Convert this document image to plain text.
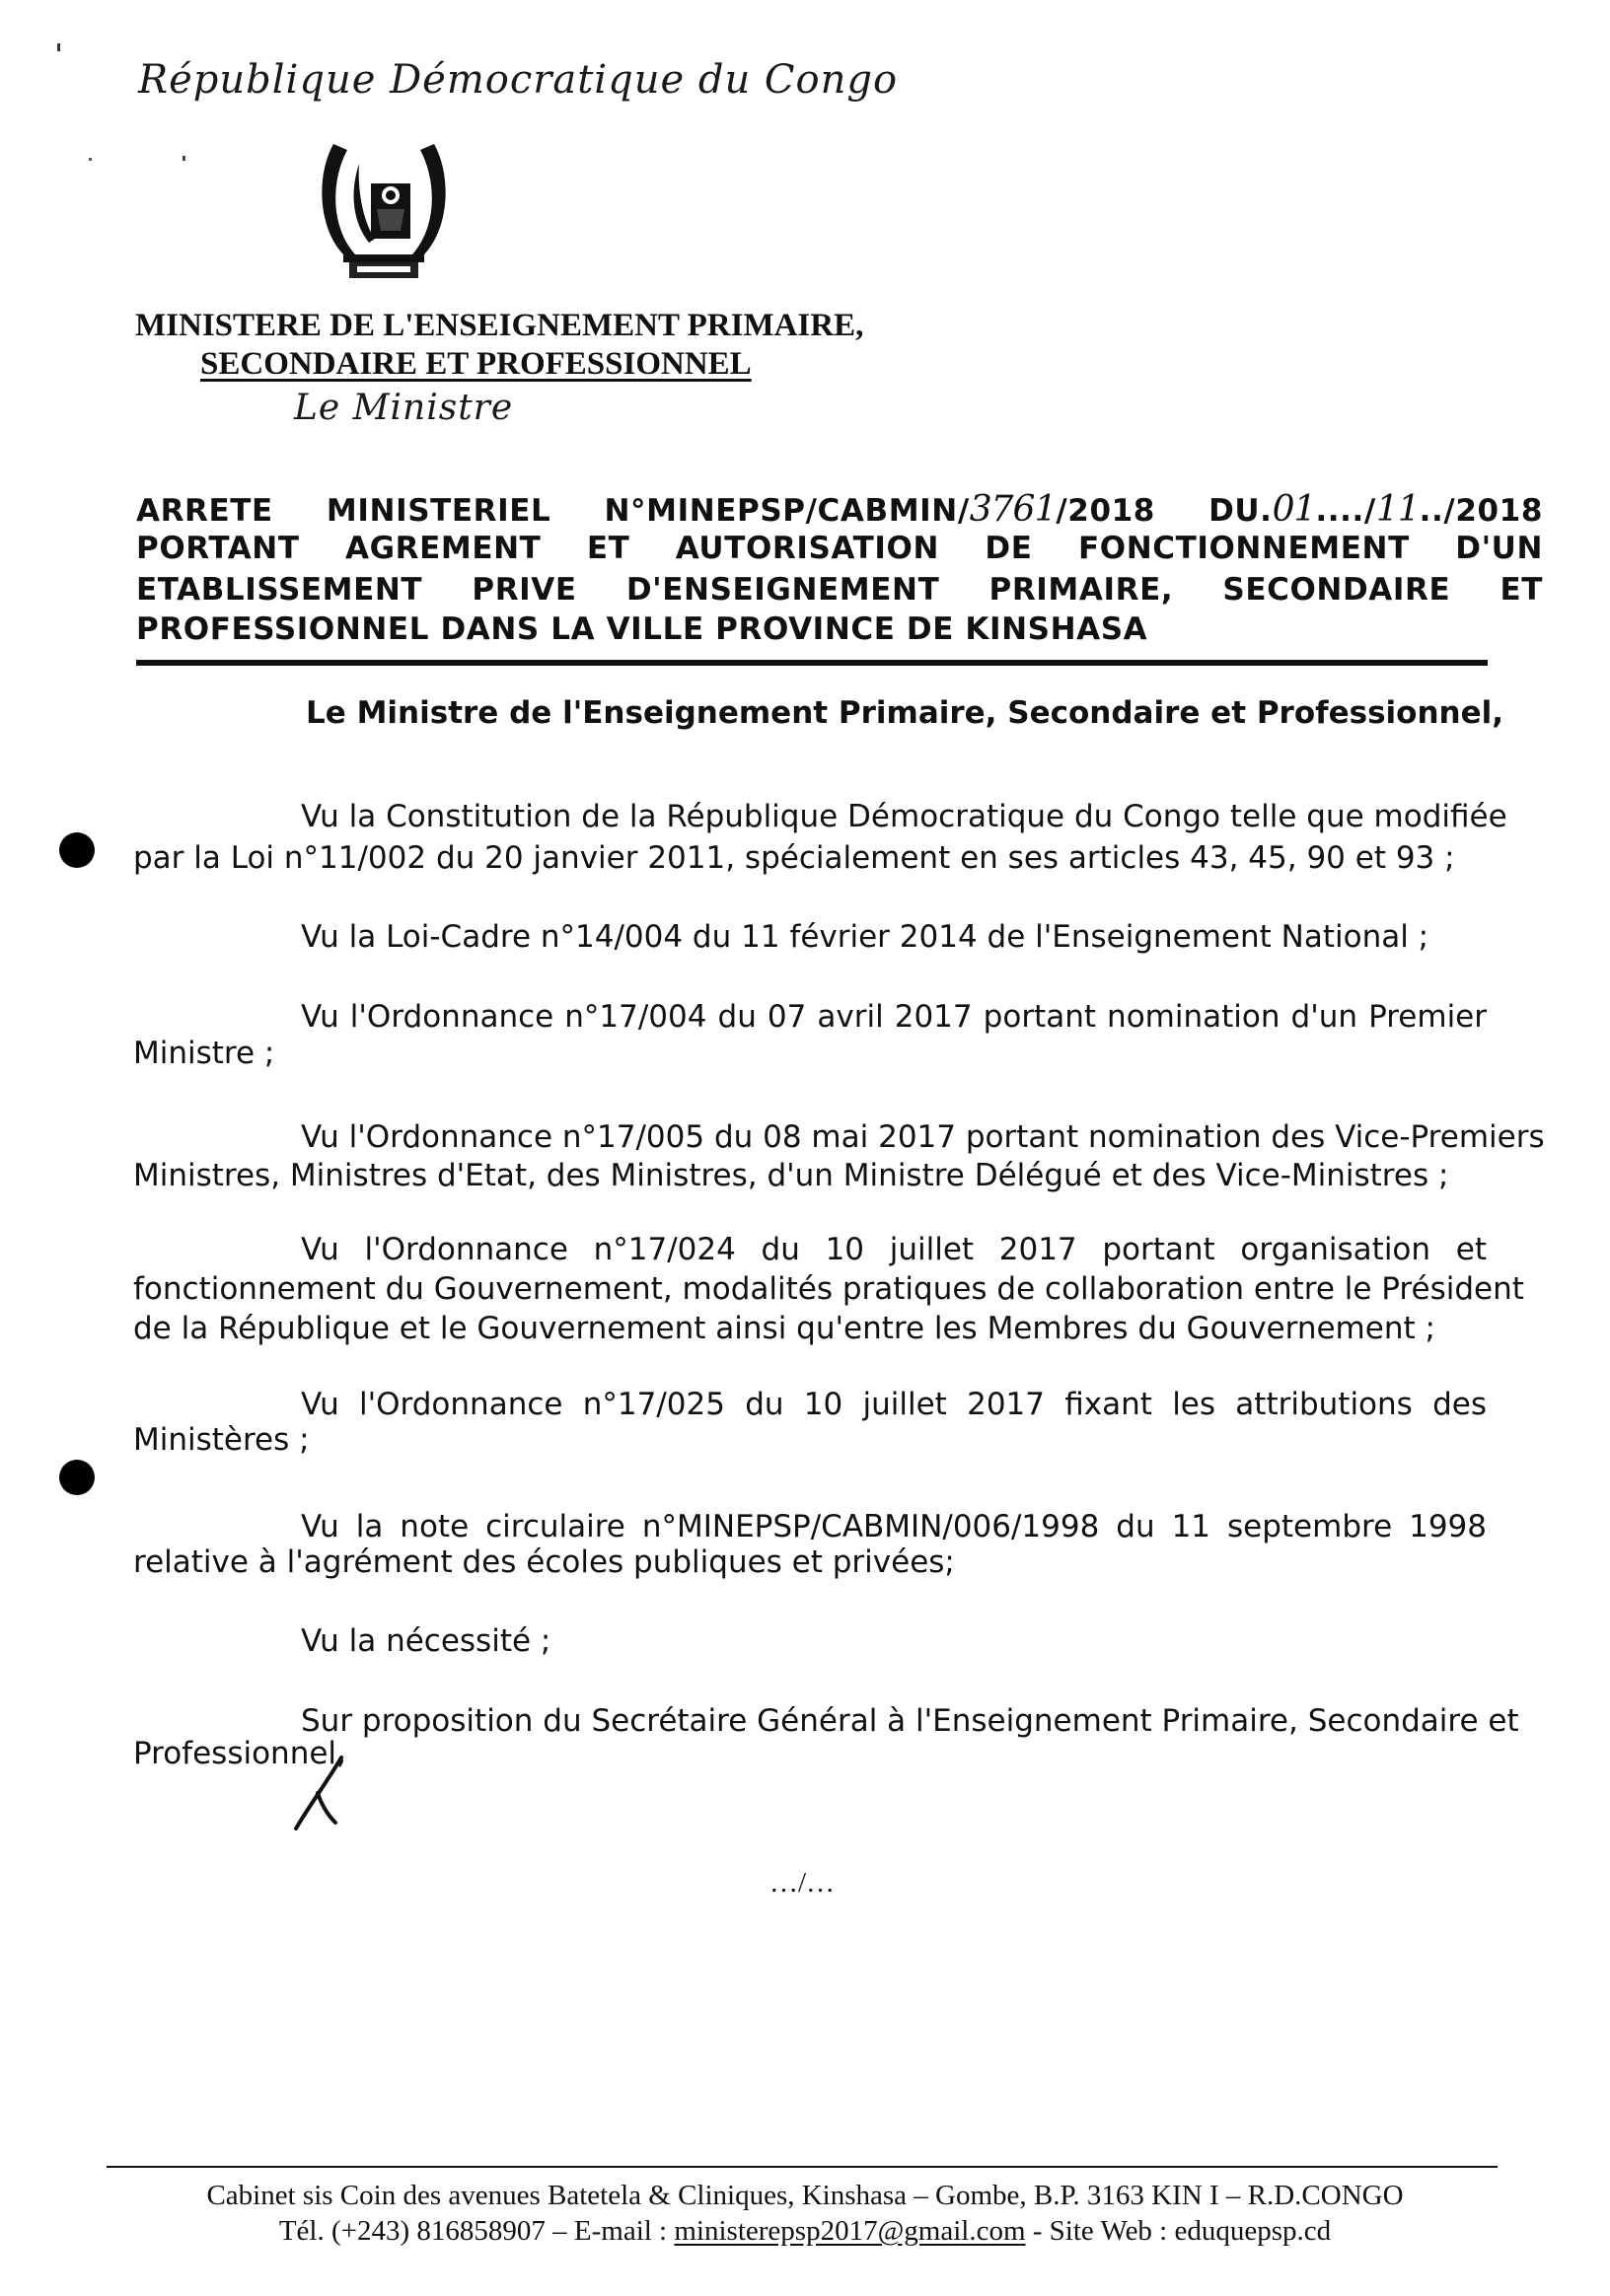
République Démocratique du Congo
MINISTERE DE L'ENSEIGNEMENT PRIMAIRE,
SECONDAIRE ET PROFESSIONNEL
Le Ministre
ARRETE MINISTERIEL N°MINEPSP/CABMIN/3761/2018 DU.01..../11../2018
PORTANT AGREMENT ET AUTORISATION DE FONCTIONNEMENT D'UN
ETABLISSEMENT PRIVE D'ENSEIGNEMENT PRIMAIRE, SECONDAIRE ET
PROFESSIONNEL DANS LA VILLE PROVINCE DE KINSHASA
Le Ministre de l'Enseignement Primaire, Secondaire et Professionnel,
Vu la Constitution de la République Démocratique du Congo telle que modifiée
par la Loi n°11/002 du 20 janvier 2011, spécialement en ses articles 43, 45, 90 et 93 ;
Vu la Loi-Cadre n°14/004 du 11 février 2014 de l'Enseignement National ;
Vu l'Ordonnance n°17/004 du 07 avril 2017 portant nomination d'un Premier
Ministre ;
Vu l'Ordonnance n°17/005 du 08 mai 2017 portant nomination des Vice-Premiers
Ministres, Ministres d'Etat, des Ministres, d'un Ministre Délégué et des Vice-Ministres ;
Vu l'Ordonnance n°17/024 du 10 juillet 2017 portant organisation et
fonctionnement du Gouvernement, modalités pratiques de collaboration entre le Président
de la République et le Gouvernement ainsi qu'entre les Membres du Gouvernement ;
Vu l'Ordonnance n°17/025 du 10 juillet 2017 fixant les attributions des
Ministères ;
Vu la note circulaire n°MINEPSP/CABMIN/006/1998 du 11 septembre 1998
relative à l'agrément des écoles publiques et privées;
Vu la nécessité ;
Sur proposition du Secrétaire Général à l'Enseignement Primaire, Secondaire et
Professionnel,
…/…
Cabinet sis Coin des avenues Batetela & Cliniques, Kinshasa – Gombe, B.P. 3163 KIN I – R.D.CONGO
Tél. (+243) 816858907 – E-mail : ministerepsp2017@gmail.com - Site Web : eduquepsp.cd
